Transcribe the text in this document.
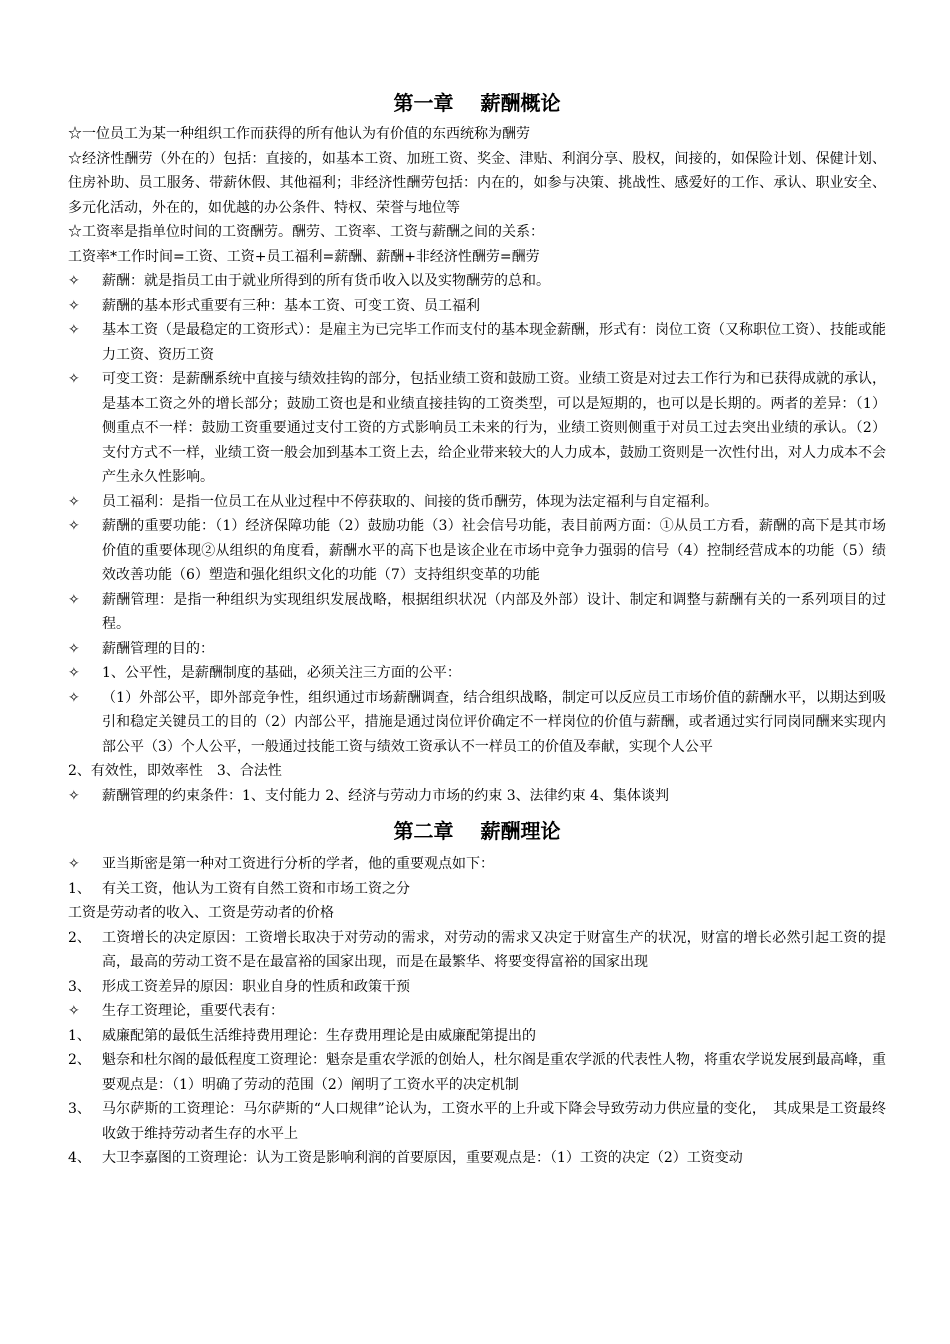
第一章　 薪酬概论
☆一位员工为某一种组织工作而获得的所有他认为有价值的东西统称为酬劳
☆经济性酬劳（外在的）包括：直接的，如基本工资、加班工资、奖金、津贴、利润分享、股权，间接的，如保险计划、保健计划、住房补助、员工服务、带薪休假、其他福利；非经济性酬劳包括：内在的，如参与决策、挑战性、感爱好的工作、承认、职业安全、多元化活动，外在的，如优越的办公条件、特权、荣誉与地位等
☆工资率是指单位时间的工资酬劳。酬劳、工资率、工资与薪酬之间的关系：
工资率*工作时间=工资、工资+员工福利=薪酬、薪酬+非经济性酬劳=酬劳
✧	薪酬：就是指员工由于就业所得到的所有货币收入以及实物酬劳的总和。
✧	薪酬的基本形式重要有三种：基本工资、可变工资、员工福利
✧	基本工资（是最稳定的工资形式）：是雇主为已完毕工作而支付的基本现金薪酬，形式有：岗位工资（又称职位工资）、技能或能力工资、资历工资
✧	可变工资：是薪酬系统中直接与绩效挂钩的部分，包括业绩工资和鼓励工资。业绩工资是对过去工作行为和已获得成就的承认，是基本工资之外的增长部分；鼓励工资也是和业绩直接挂钩的工资类型，可以是短期的，也可以是长期的。两者的差异：（1）侧重点不一样：鼓励工资重要通过支付工资的方式影响员工未来的行为，业绩工资则侧重于对员工过去突出业绩的承认。（2）支付方式不一样，业绩工资一般会加到基本工资上去，给企业带来较大的人力成本，鼓励工资则是一次性付出，对人力成本不会产生永久性影响。
✧	员工福利：是指一位员工在从业过程中不停获取的、间接的货币酬劳，体现为法定福利与自定福利。
✧	薪酬的重要功能：（1）经济保障功能（2）鼓励功能（3）社会信号功能，表目前两方面：①从员工方看，薪酬的高下是其市场价值的重要体现②从组织的角度看，薪酬水平的高下也是该企业在市场中竞争力强弱的信号（4）控制经营成本的功能（5）绩效改善功能（6）塑造和强化组织文化的功能（7）支持组织变革的功能
✧	薪酬管理：是指一种组织为实现组织发展战略，根据组织状况（内部及外部）设计、制定和调整与薪酬有关的一系列项目的过程。
✧	薪酬管理的目的：
✧	1、公平性，是薪酬制度的基础，必须关注三方面的公平：
✧	（1）外部公平，即外部竞争性，组织通过市场薪酬调查，结合组织战略，制定可以反应员工市场价值的薪酬水平，以期达到吸引和稳定关键员工的目的（2）内部公平，措施是通过岗位评价确定不一样岗位的价值与薪酬，或者通过实行同岗同酬来实现内部公平（3）个人公平，一般通过技能工资与绩效工资承认不一样员工的价值及奉献，实现个人公平
2、有效性，即效率性　3、合法性
✧	薪酬管理的约束条件：1、支付能力 2、经济与劳动力市场的约束 3、法律约束 4、集体谈判
第二章　 薪酬理论
✧	亚当斯密是第一种对工资进行分析的学者，他的重要观点如下：
1、 有关工资，他认为工资有自然工资和市场工资之分
工资是劳动者的收入、工资是劳动者的价格
2、 工资增长的决定原因：工资增长取决于对劳动的需求，对劳动的需求又决定于财富生产的状况，财富的增长必然引起工资的提高，最高的劳动工资不是在最富裕的国家出现，而是在最繁华、将要变得富裕的国家出现
3、 形成工资差异的原因：职业自身的性质和政策干预
✧	生存工资理论，重要代表有：
1、 威廉配第的最低生活维持费用理论：生存费用理论是由威廉配第提出的
2、 魁奈和杜尔阁的最低程度工资理论：魁奈是重农学派的创始人，杜尔阁是重农学派的代表性人物，将重农学说发展到最高峰，重要观点是：（1）明确了劳动的范围（2）阐明了工资水平的决定机制
3、 马尔萨斯的工资理论：马尔萨斯的“人口规律”论认为，工资水平的上升或下降会导致劳动力供应量的变化，　其成果是工资最终收敛于维持劳动者生存的水平上
4、 大卫李嘉图的工资理论：认为工资是影响利润的首要原因，重要观点是：（1）工资的决定（2）工资变动
